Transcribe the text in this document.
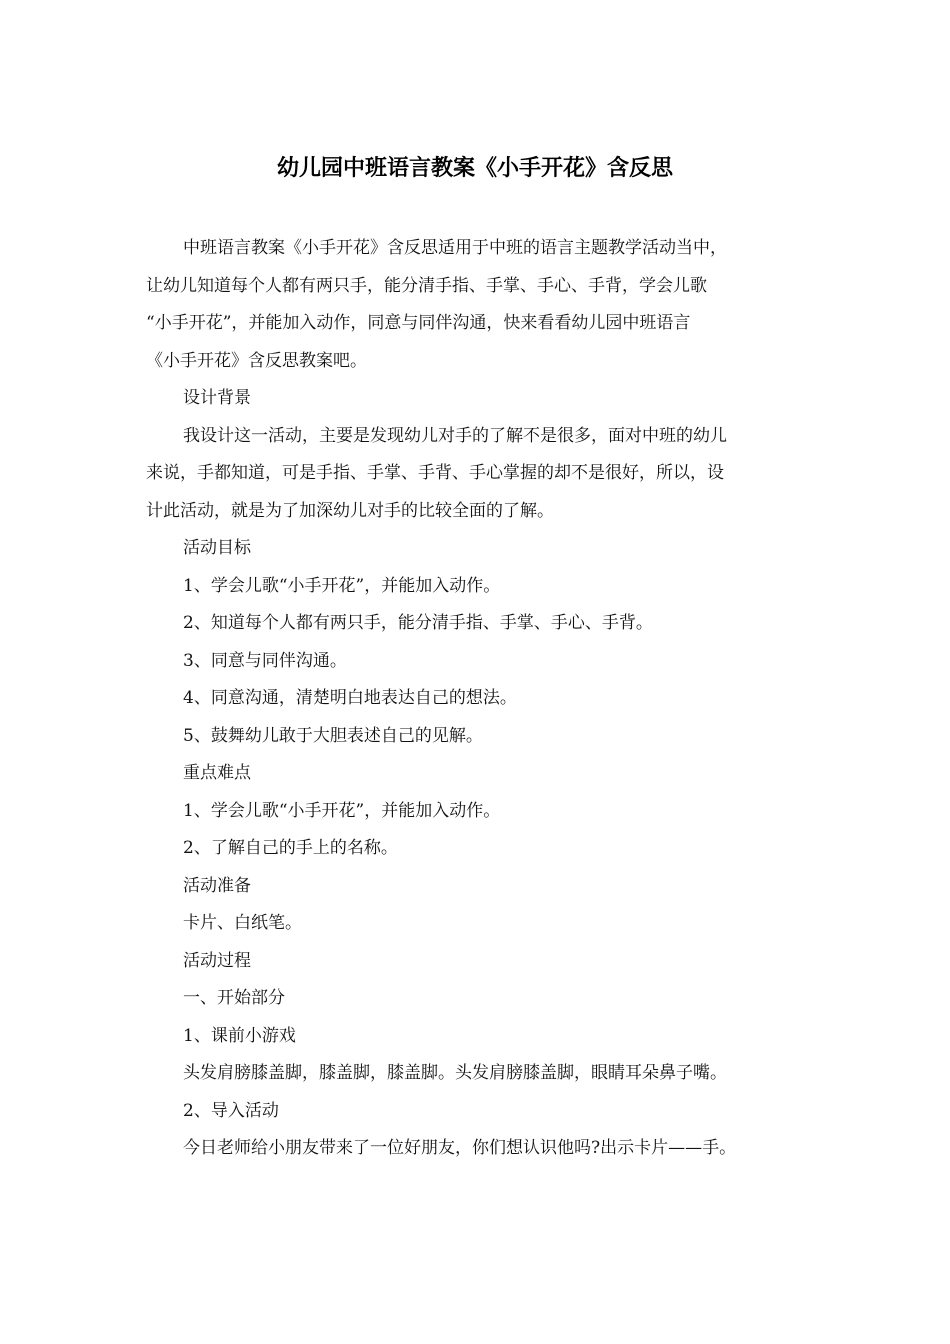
幼儿园中班语言教案《小手开花》含反思

中班语言教案《小手开花》含反思适用于中班的语言主题教学活动当中，

让幼儿知道每个人都有两只手，能分清手指、手掌、手心、手背，学会儿歌

“小手开花”，并能加入动作，同意与同伴沟通，快来看看幼儿园中班语言

《小手开花》含反思教案吧。

设计背景

我设计这一活动，主要是发现幼儿对手的了解不是很多，面对中班的幼儿

来说，手都知道，可是手指、手掌、手背、手心掌握的却不是很好，所以，设

计此活动，就是为了加深幼儿对手的比较全面的了解。

活动目标

1、学会儿歌“小手开花”，并能加入动作。

2、知道每个人都有两只手，能分清手指、手掌、手心、手背。

3、同意与同伴沟通。

4、同意沟通，清楚明白地表达自己的想法。

5、鼓舞幼儿敢于大胆表述自己的见解。

重点难点

1、学会儿歌“小手开花”，并能加入动作。

2、了解自己的手上的名称。

活动准备

卡片、白纸笔。

活动过程

一、开始部分

1、课前小游戏

头发肩膀膝盖脚，膝盖脚，膝盖脚。头发肩膀膝盖脚，眼睛耳朵鼻子嘴。

2、导入活动

今日老师给小朋友带来了一位好朋友，你们想认识他吗?出示卡片——手。
